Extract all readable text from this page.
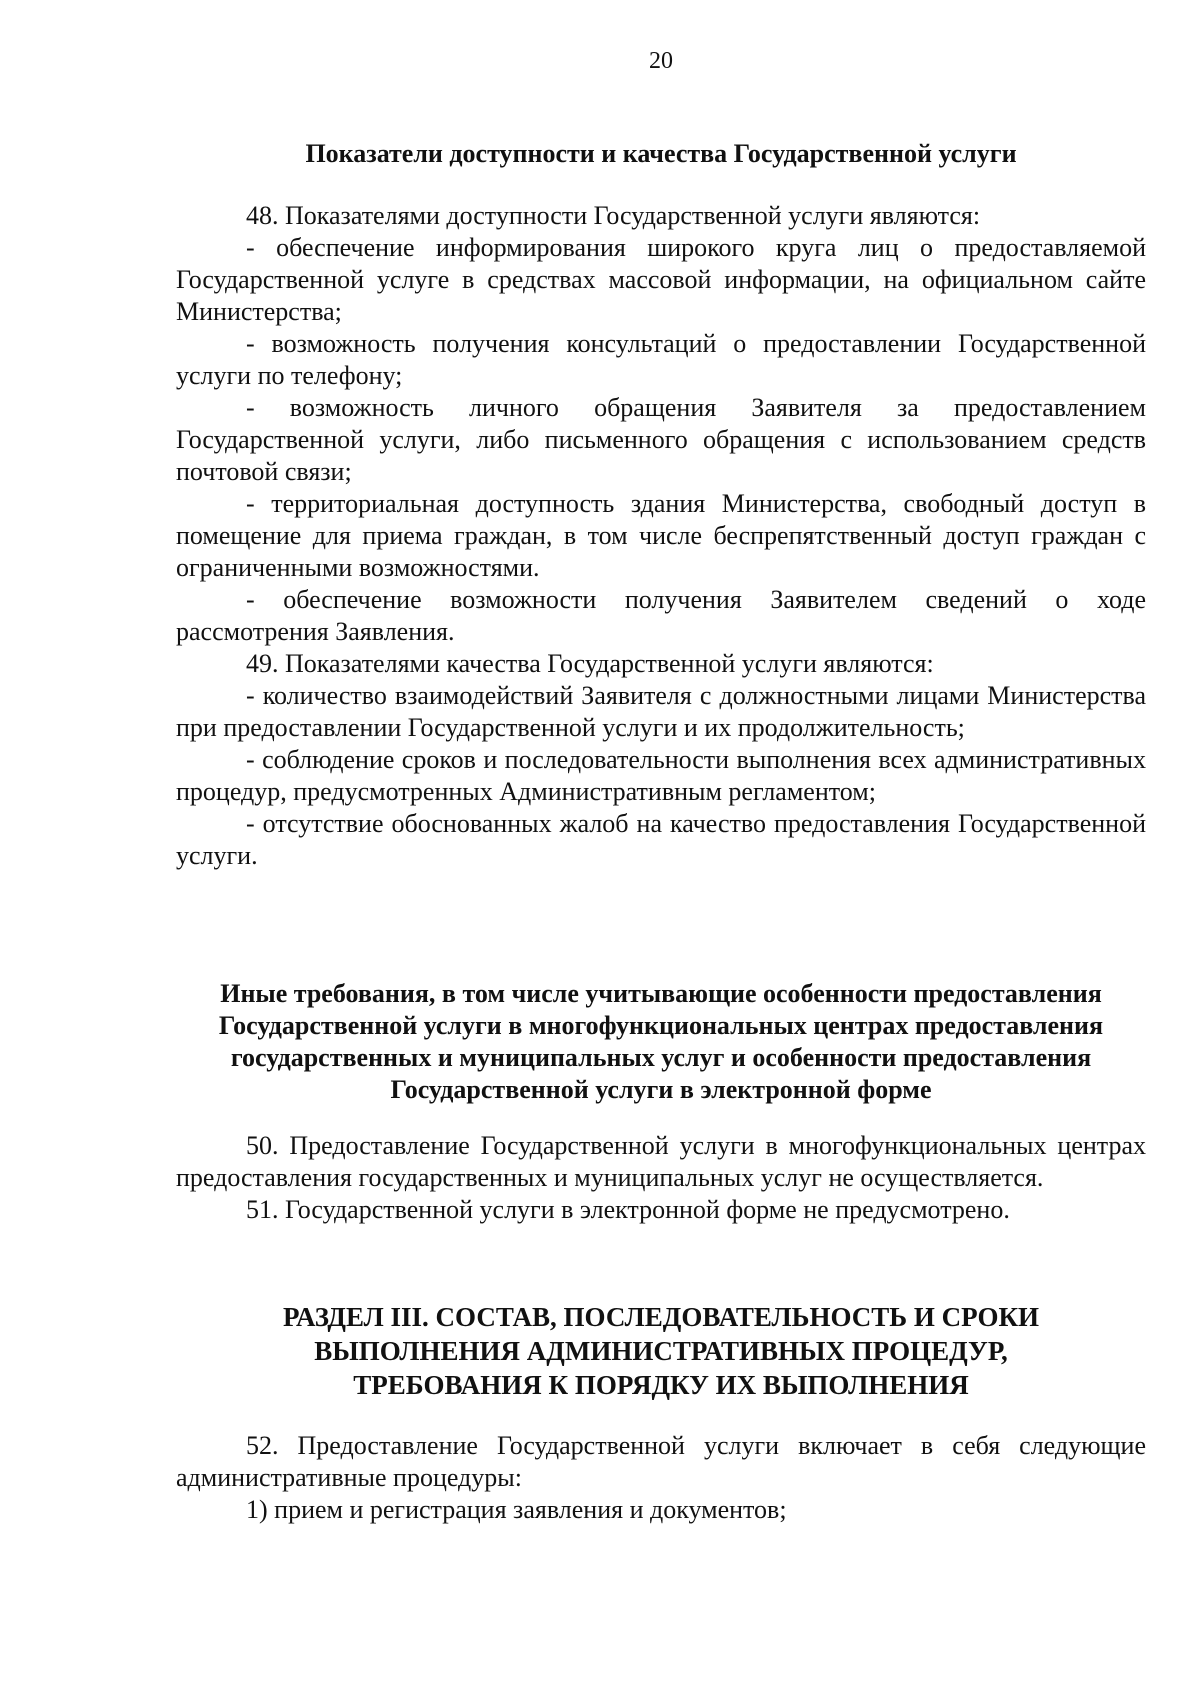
20
Показатели доступности и качества Государственной услуги

48. Показателями доступности Государственной услуги являются:

- обеспечение информирования широкого круга лиц о предоставляемой Государственной услуге в средствах массовой информации, на официальном сайте Министерства;

- возможность получения консультаций о предоставлении Государственной услуги по телефону;

- возможность личного обращения Заявителя за предоставлением Государственной услуги, либо письменного обращения с использованием средств почтовой связи;

- территориальная доступность здания Министерства, свободный доступ в помещение для приема граждан, в том числе беспрепятственный доступ граждан с ограниченными возможностями.

- обеспечение возможности получения Заявителем сведений о ходе рассмотрения Заявления.

49. Показателями качества Государственной услуги являются:

- количество взаимодействий Заявителя с должностными лицами Министерства при предоставлении Государственной услуги и их продолжительность;

- соблюдение сроков и последовательности выполнения всех административных процедур, предусмотренных Административным регламентом;

- отсутствие обоснованных жалоб на качество предоставления Государственной услуги.

Иные требования, в том числе учитывающие особенности предоставления
Государственной услуги в многофункциональных центрах предоставления
государственных и муниципальных услуг и особенности предоставления
Государственной услуги в электронной форме

50. Предоставление Государственной услуги в многофункциональных центрах предоставления государственных и муниципальных услуг не осуществляется.

51. Государственной услуги в электронной форме не предусмотрено.

РАЗДЕЛ III. СОСТАВ, ПОСЛЕДОВАТЕЛЬНОСТЬ И СРОКИ
ВЫПОЛНЕНИЯ АДМИНИСТРАТИВНЫХ ПРОЦЕДУР,
ТРЕБОВАНИЯ К ПОРЯДКУ ИХ ВЫПОЛНЕНИЯ

52. Предоставление Государственной услуги включает в себя следующие административные процедуры:

1) прием и регистрация заявления и документов;
